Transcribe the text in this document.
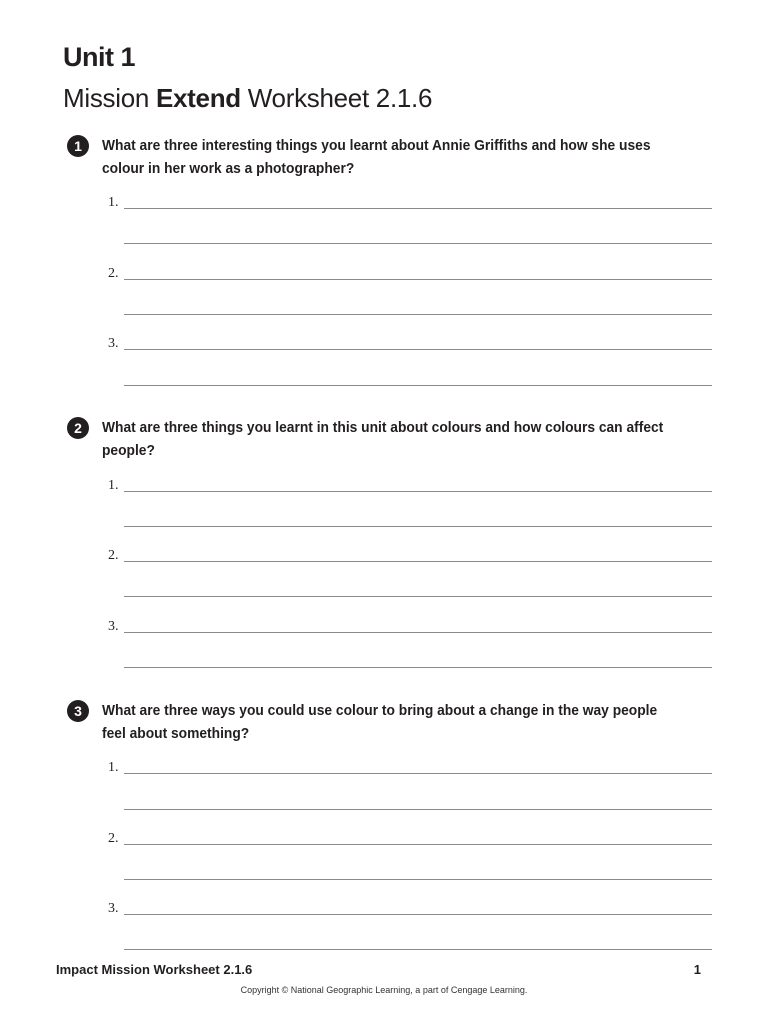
Unit 1
Mission Extend Worksheet 2.1.6
1	What are three interesting things you learnt about Annie Griffiths and how she uses colour in her work as a photographer?
1.
2.
3.
2	What are three things you learnt in this unit about colours and how colours can affect people?
1.
2.
3.
3	What are three ways you could use colour to bring about a change in the way people feel about something?
1.
2.
3.
Impact Mission Worksheet 2.1.6	1
Copyright © National Geographic Learning, a part of Cengage Learning.
